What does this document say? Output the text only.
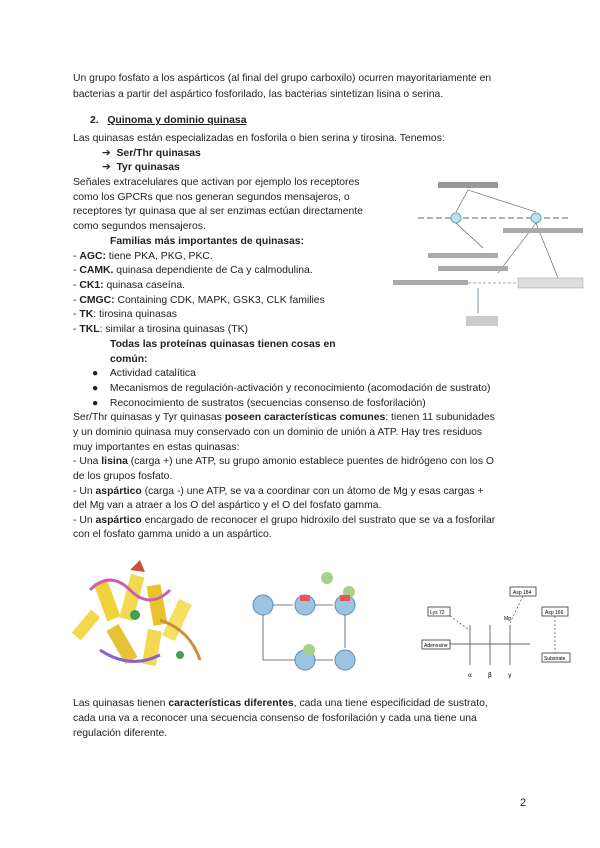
Un grupo fosfato a los aspárticos (al final del grupo carboxilo) ocurren mayoritariamente en
bacterias a partir del aspártico fosforilado, las bacterias sintetizan lisina o serina.
2. Quinoma y dominio quinasa
Las quinasas están especializadas en fosforila o bien serina y tirosina. Tenemos:
➔  Ser/Thr quinasas
➔  Tyr quinasas
Señales extracelulares que activan por ejemplo los receptores
como los GPCRs que nos generan segundos mensajeros, o
receptores tyr quinasa que al ser enzimas ectúan directamente
como segundos mensajeros.
Familias más importantes de quinasas:
- AGC: tiene PKA, PKG, PKC.
- CAMK. quinasa dependiente de Ca y calmodulina.
- CK1: quinasa caseína.
- CMGC: Containing CDK, MAPK, GSK3, CLK families
- TK: tirosina quinasas
- TKL: similar a tirosina quinasas (TK)
Todas las proteínas quinasas tienen cosas en
común:
●    Actividad catalítica
●    Mecanismos de regulación-activación y reconocimiento (acomodación de sustrato)
●    Reconocimiento de sustratos (secuencias consenso de fosforilación)
Ser/Thr quinasas y Tyr quinasas poseen características comunes: tienen 11 subunidades
y un dominio quinasa muy conservado con un dominio de unión a ATP. Hay tres residuos
muy importantes en estas quinasas:
- Una lisina (carga +) une ATP, su grupo amonio establece puentes de hidrógeno con los O
de los grupos fosfato.
- Un aspártico (carga -) une ATP, se va a coordinar con un átomo de Mg y esas cargas +
del Mg van a atraer a los O del aspártico y el O del fosfato gamma.
- Un aspártico encargado de reconocer el grupo hidroxilo del sustrato que se va a fosforilar
con el fosfato gamma unido a un aspártico.
Las quinasas tienen características diferentes, cada una tiene especificidad de sustrato,
cada una va a reconocer una secuencia consenso de fosforilación y cada una tiene una
regulación diferente.
2
Lys 72
Asp 184
Asp 166
Adenosine
Substrate
Mg
α	β	γ
